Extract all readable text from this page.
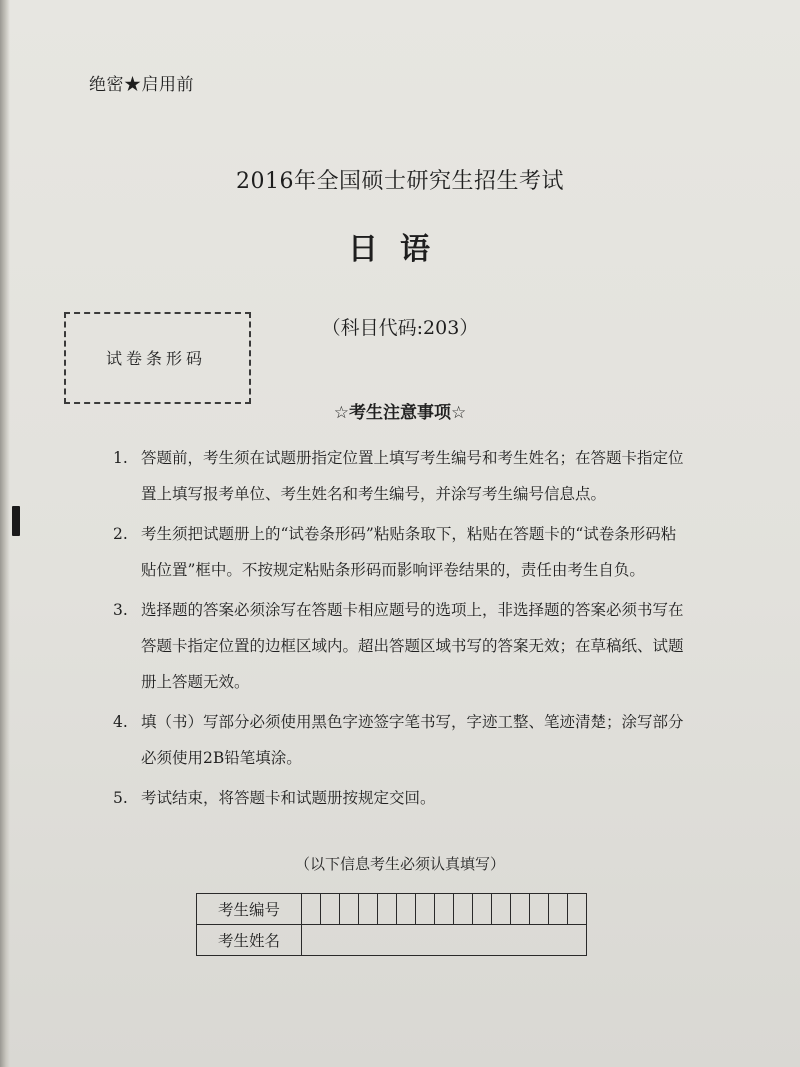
绝密★启用前
2016年全国硕士研究生招生考试
日语
（科目代码:203）
试卷条形码
☆考生注意事项☆
1. 答题前，考生须在试题册指定位置上填写考生编号和考生姓名；在答题卡指定位置上填写报考单位、考生姓名和考生编号，并涂写考生编号信息点。
2. 考生须把试题册上的“试卷条形码”粘贴条取下，粘贴在答题卡的“试卷条形码粘贴位置”框中。不按规定粘贴条形码而影响评卷结果的，责任由考生自负。
3. 选择题的答案必须涂写在答题卡相应题号的选项上，非选择题的答案必须书写在答题卡指定位置的边框区域内。超出答题区域书写的答案无效；在草稿纸、试题册上答题无效。
4. 填（书）写部分必须使用黑色字迹签字笔书写，字迹工整、笔迹清楚；涂写部分必须使用2B铅笔填涂。
5. 考试结束，将答题卡和试题册按规定交回。
（以下信息考生必须认真填写）
考生编号															
考生姓名															
